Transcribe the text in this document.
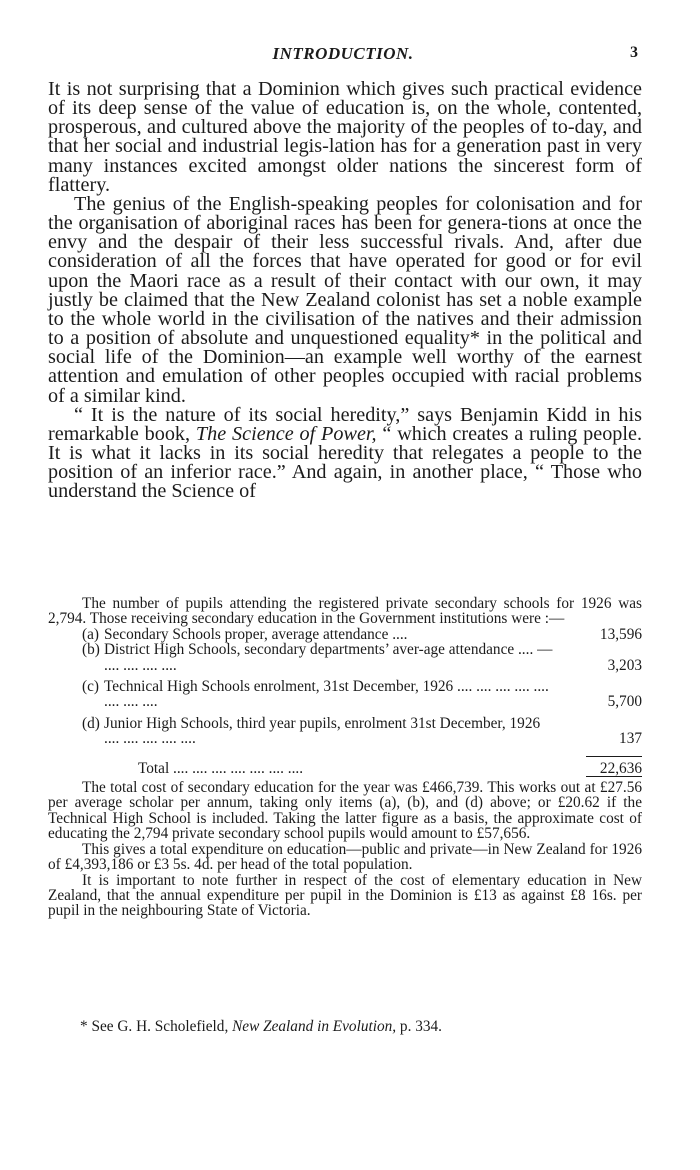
INTRODUCTION.	3

It is not surprising that a Dominion which gives such practical evidence of its deep sense of the value of education is, on the whole, contented, prosperous, and cultured above the majority of the peoples of to-day, and that her social and industrial legis-lation has for a generation past in very many instances excited amongst older nations the sincerest form of flattery.

The genius of the English-speaking peoples for colonisation and for the organisation of aboriginal races has been for genera-tions at once the envy and the despair of their less successful rivals. And, after due consideration of all the forces that have operated for good or for evil upon the Maori race as a result of their contact with our own, it may justly be claimed that the New Zealand colonist has set a noble example to the whole world in the civilisation of the natives and their admission to a position of absolute and unquestioned equality* in the political and social life of the Dominion—an example well worthy of the earnest attention and emulation of other peoples occupied with racial problems of a similar kind.

“ It is the nature of its social heredity,” says Benjamin Kidd in his remarkable book, The Science of Power, “ which creates a ruling people. It is what it lacks in its social heredity that relegates a people to the position of an inferior race.” And again, in another place, “ Those who understand the Science of

The number of pupils attending the registered private secondary schools for 1926 was 2,794. Those receiving secondary education in the Government institutions were :—

(a) Secondary Schools proper, average attendance ....	13,596
(b) District High Schools, secondary departments’ aver-age attendance .... — .... .... .... ....	3,203
(c) Technical High Schools enrolment, 31st December, 1926 .... .... .... .... .... .... .... ....	5,700
(d) Junior High Schools, third year pupils, enrolment 31st December, 1926 .... .... .... .... ....	137
Total .... .... .... .... .... .... ....	22,636

The total cost of secondary education for the year was £466,739. This works out at £27.56 per average scholar per annum, taking only items (a), (b), and (d) above; or £20.62 if the Technical High School is included. Taking the latter figure as a basis, the approximate cost of educating the 2,794 private secondary school pupils would amount to £57,656.

This gives a total expenditure on education—public and private—in New Zealand for 1926 of £4,393,186 or £3 5s. 4d. per head of the total population.

It is important to note further in respect of the cost of elementary education in New Zealand, that the annual expenditure per pupil in the Dominion is £13 as against £8 16s. per pupil in the neighbouring State of Victoria.

* See G. H. Scholefield, New Zealand in Evolution, p. 334.
